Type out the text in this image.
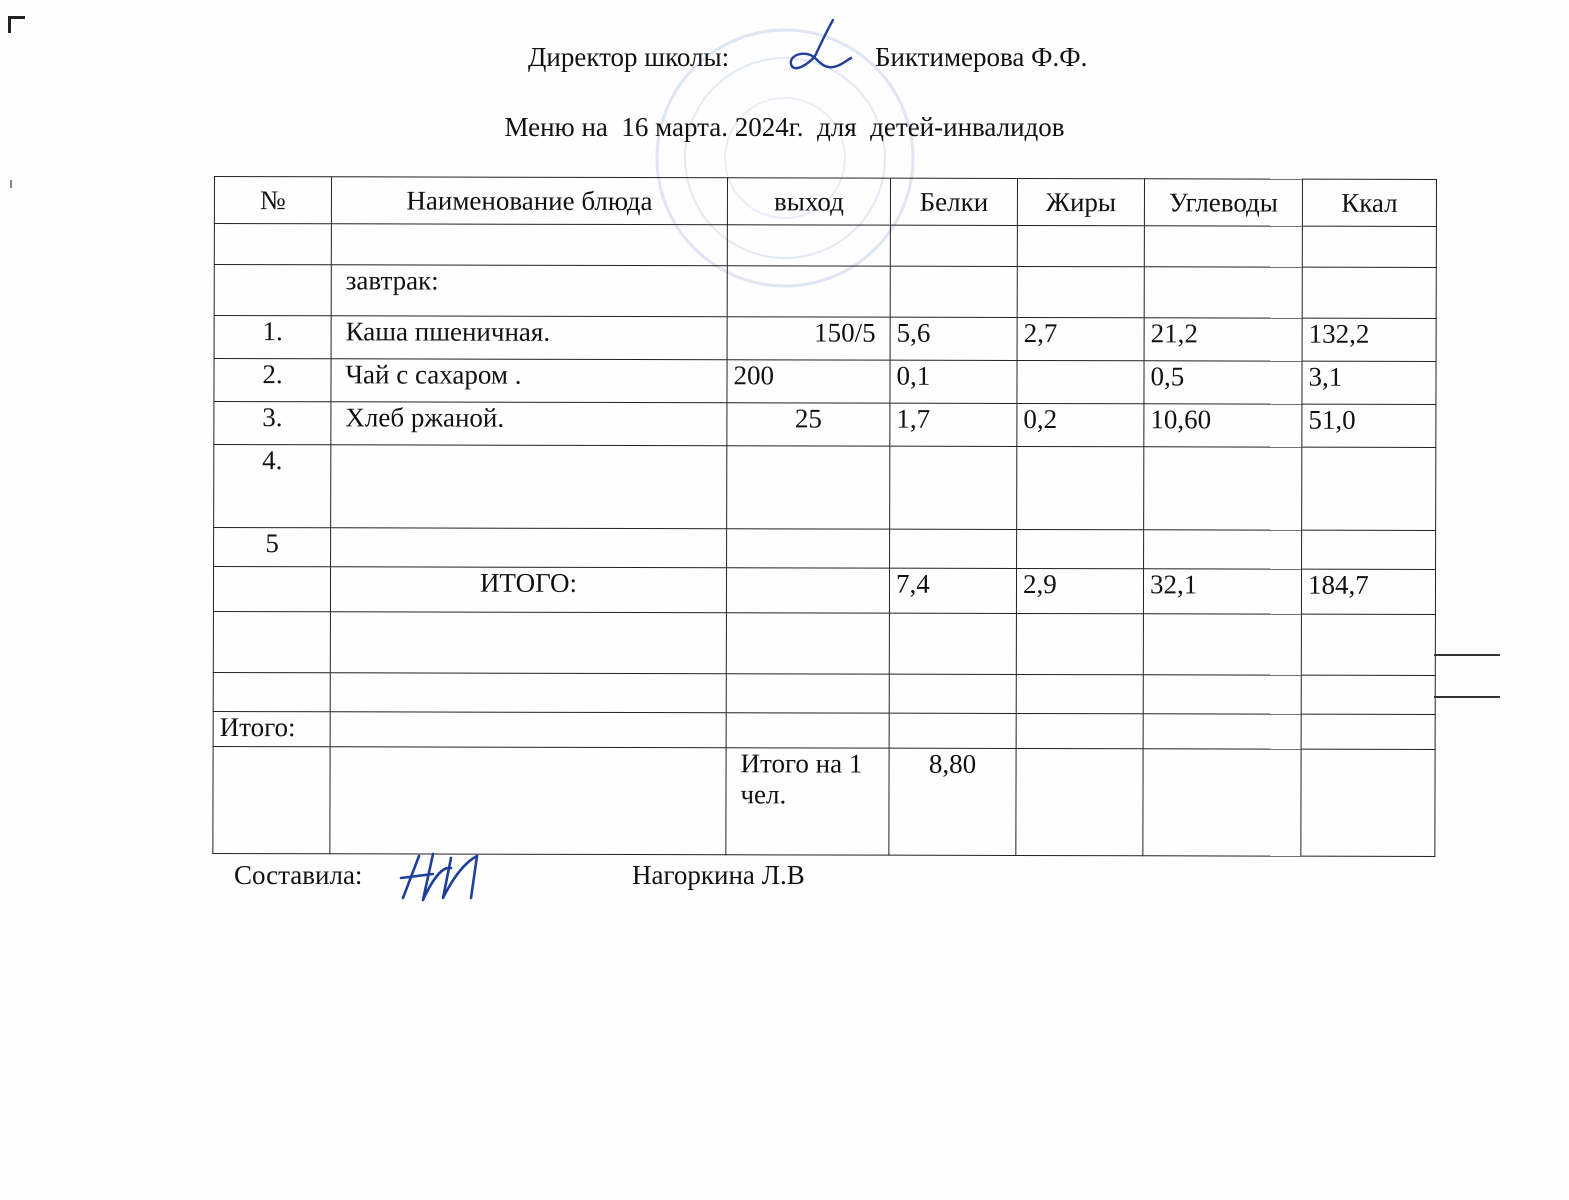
Директор школы:	Биктимерова Ф.Ф.
Меню на  16 марта. 2024г.  для  детей-инвалидов
№	Наименование блюда	выход	Белки	Жиры	Углеводы	Ккал

	завтрак:					
1.	Каша пшеничная.	150/5	5,6	2,7	21,2	132,2
2.	Чай с сахаром .	200	0,1		0,5	3,1
3.	Хлеб ржаной.	25	1,7	0,2	10,60	51,0
4.						
5						
	ИТОГО:		7,4	2,9	32,1	184,7

Итого:						
		Итого на 1 чел.	8,80			
Составила:	Нагоркина Л.В
